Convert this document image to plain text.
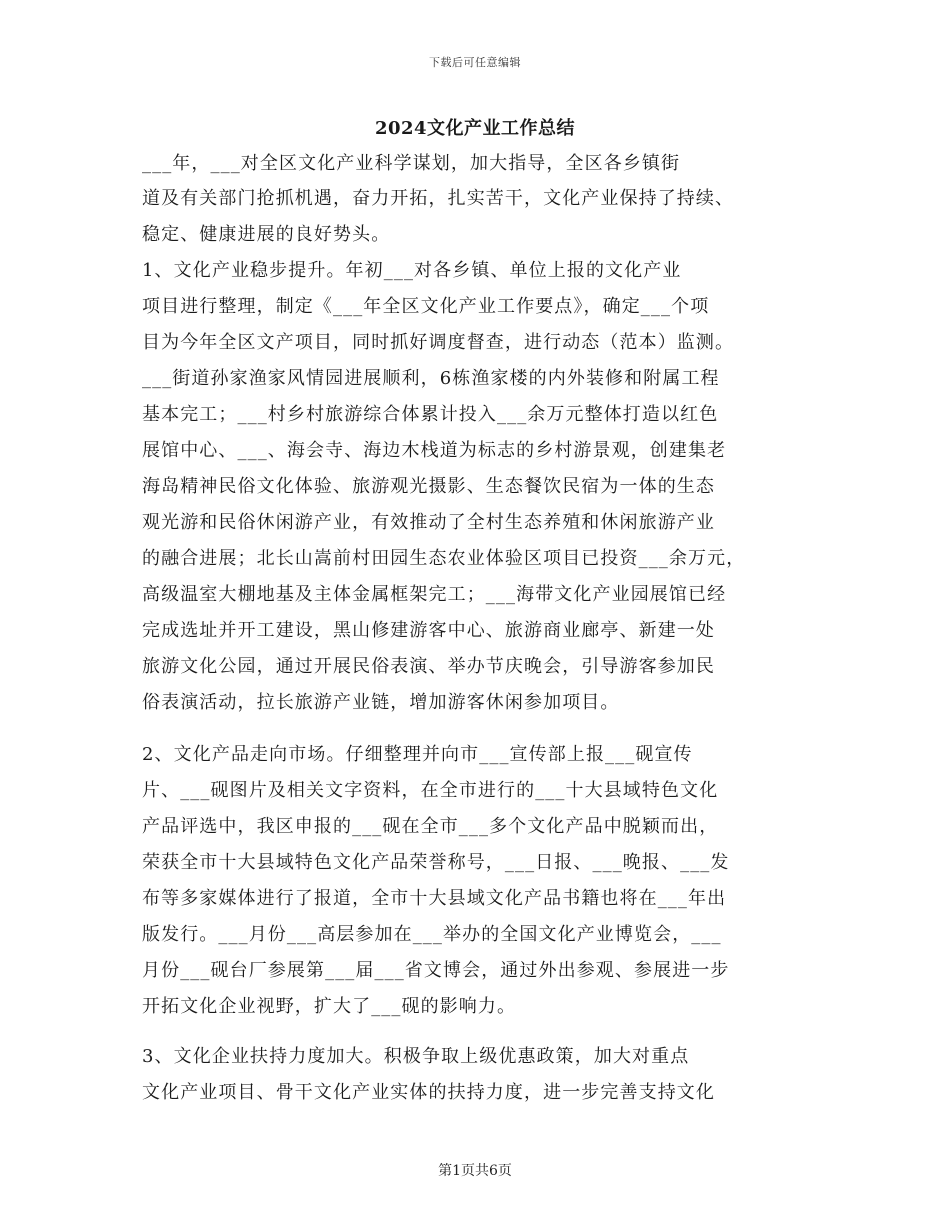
下载后可任意编辑
2024文化产业工作总结
___年，___对全区文化产业科学谋划，加大指导，全区各乡镇街
道及有关部门抢抓机遇，奋力开拓，扎实苦干，文化产业保持了持续、
稳定、健康进展的良好势头。
1、文化产业稳步提升。年初___对各乡镇、单位上报的文化产业
项目进行整理，制定《___年全区文化产业工作要点》，确定___个项
目为今年全区文产项目，同时抓好调度督查，进行动态（范本）监测。
___街道孙家渔家风情园进展顺利，6栋渔家楼的内外装修和附属工程
基本完工；___村乡村旅游综合体累计投入___余万元整体打造以红色
展馆中心、___、海会寺、海边木栈道为标志的乡村游景观，创建集老
海岛精神民俗文化体验、旅游观光摄影、生态餐饮民宿为一体的生态
观光游和民俗休闲游产业，有效推动了全村生态养殖和休闲旅游产业
的融合进展；北长山嵩前村田园生态农业体验区项目已投资___余万元，
高级温室大棚地基及主体金属框架完工；___海带文化产业园展馆已经
完成选址并开工建设，黑山修建游客中心、旅游商业廊亭、新建一处
旅游文化公园，通过开展民俗表演、举办节庆晚会，引导游客参加民
俗表演活动，拉长旅游产业链，增加游客休闲参加项目。
2、文化产品走向市场。仔细整理并向市___宣传部上报___砚宣传
片、___砚图片及相关文字资料，在全市进行的___十大县域特色文化
产品评选中，我区申报的___砚在全市___多个文化产品中脱颖而出，
荣获全市十大县域特色文化产品荣誉称号，___日报、___晚报、___发
布等多家媒体进行了报道，全市十大县域文化产品书籍也将在___年出
版发行。___月份___高层参加在___举办的全国文化产业博览会，___
月份___砚台厂参展第___届___省文博会，通过外出参观、参展进一步
开拓文化企业视野，扩大了___砚的影响力。
3、文化企业扶持力度加大。积极争取上级优惠政策，加大对重点
文化产业项目、骨干文化产业实体的扶持力度，进一步完善支持文化
第1页共6页
